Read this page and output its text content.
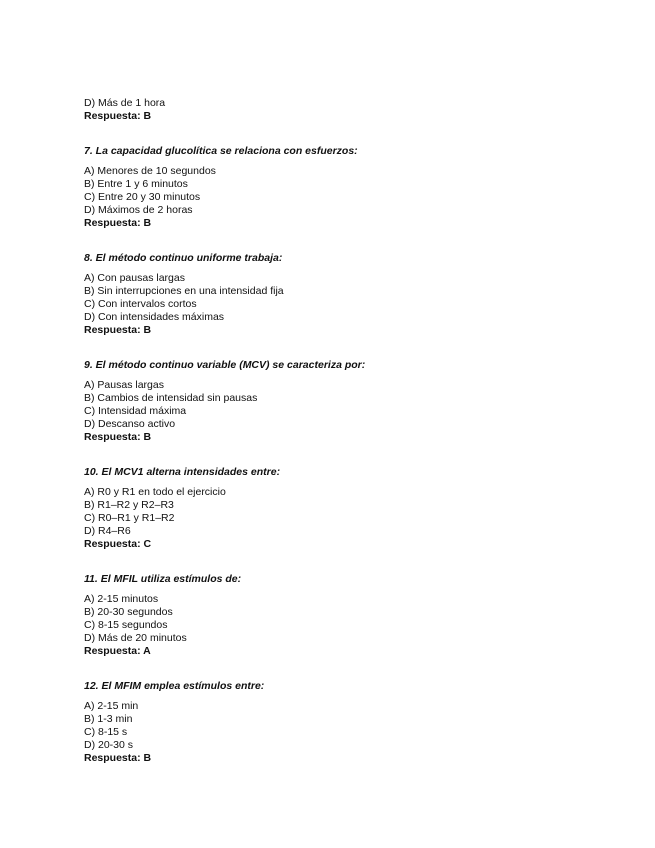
D) Más de 1 hora
Respuesta: B
7. La capacidad glucolítica se relaciona con esfuerzos:
A) Menores de 10 segundos
B) Entre 1 y 6 minutos
C) Entre 20 y 30 minutos
D) Máximos de 2 horas
Respuesta: B
8. El método continuo uniforme trabaja:
A) Con pausas largas
B) Sin interrupciones en una intensidad fija
C) Con intervalos cortos
D) Con intensidades máximas
Respuesta: B
9. El método continuo variable (MCV) se caracteriza por:
A) Pausas largas
B) Cambios de intensidad sin pausas
C) Intensidad máxima
D) Descanso activo
Respuesta: B
10. El MCV1 alterna intensidades entre:
A) R0 y R1 en todo el ejercicio
B) R1–R2 y R2–R3
C) R0–R1 y R1–R2
D) R4–R6
Respuesta: C
11. El MFIL utiliza estímulos de:
A) 2-15 minutos
B) 20-30 segundos
C) 8-15 segundos
D) Más de 20 minutos
Respuesta: A
12. El MFIM emplea estímulos entre:
A) 2-15 min
B) 1-3 min
C) 8-15 s
D) 20-30 s
Respuesta: B
